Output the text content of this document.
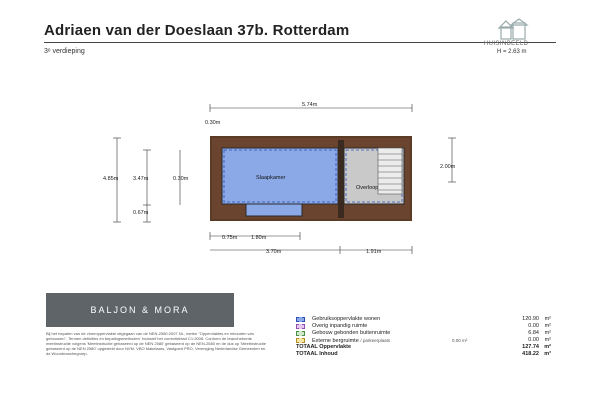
Adriaen van der Doeslaan 37b. Rotterdam
3ᵉ verdieping
HUISINBEELD
H = 2.63 m
5.74m
0.30m
4.85m	3.47m	0.30m
0.67m
2.00m
Slaapkamer
Overloop
0.75m 1.80m
3.70m	1.91m
BALJON & MORA
Bij het bepalen van de vloeroppervlakte uitgegaan van de NEN-2580:2007 NL, meten "Oppervlaktes en inhouden van gebouwen". Termen definities en bepalingsmethoden' inclusief het correctieblad C1:2008. Conform de branchebrede meetinstructie volgens 'Meetinstructie gebaseerd op de NEN 2580' gebaseerd op de NEN-2580 en de dus op 'Meetinstructie gebaseerd op de NEN 2580' opgesteld door NVM, VBO Makelaars, Vastgoed PRO, Vereniging Nederlandse Gemeenten en de Woonbranchegroep.
Gebruiksoppervlakte wonen	120.90 m²
Overig inpandig ruimte	0.00 m²
Gebouw gebonden buitenruimte	6.84 m²
Externe bergruimte / parkeerplaats	0.00 m²	0.00 m²
TOTAAL Oppervlakte	127.74 m²
TOTAAL Inhoud	418.22 m³
